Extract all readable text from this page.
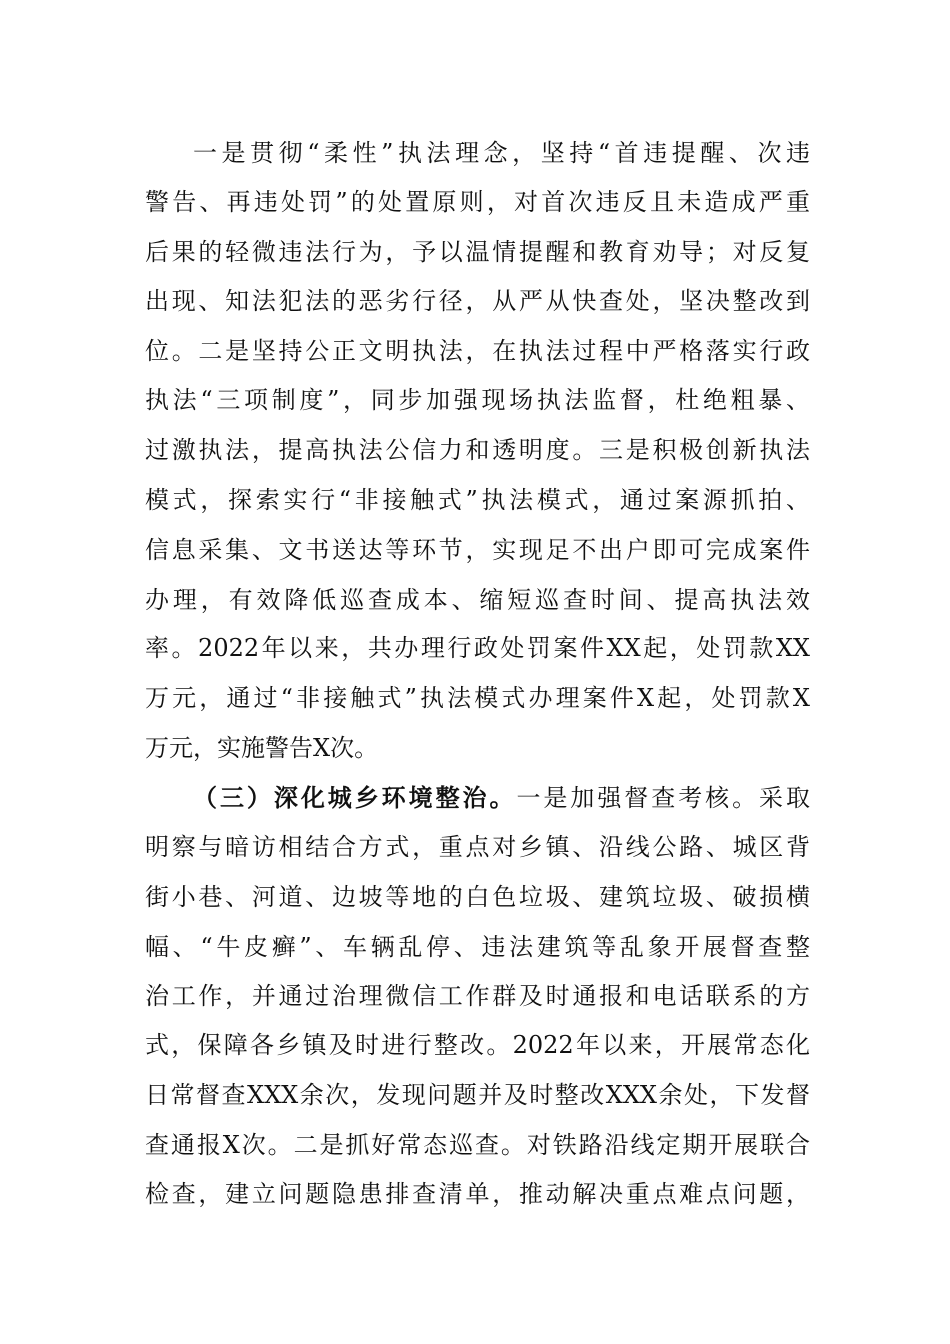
一是贯彻“柔性”执法理念，坚持“首违提醒、次违
警告、再违处罚”的处置原则，对首次违反且未造成严重
后果的轻微违法行为，予以温情提醒和教育劝导；对反复
出现、知法犯法的恶劣行径，从严从快查处，坚决整改到
位。二是坚持公正文明执法，在执法过程中严格落实行政
执法“三项制度”，同步加强现场执法监督，杜绝粗暴、
过激执法，提高执法公信力和透明度。三是积极创新执法
模式，探索实行“非接触式”执法模式，通过案源抓拍、
信息采集、文书送达等环节，实现足不出户即可完成案件
办理，有效降低巡查成本、缩短巡查时间、提高执法效
率。2022年以来，共办理行政处罚案件XX起，处罚款XX
万元，通过“非接触式”执法模式办理案件X起，处罚款X
万元，实施警告X次。
（三）深化城乡环境整治。一是加强督查考核。采取
明察与暗访相结合方式，重点对乡镇、沿线公路、城区背
街小巷、河道、边坡等地的白色垃圾、建筑垃圾、破损横
幅、“牛皮癣”、车辆乱停、违法建筑等乱象开展督查整
治工作，并通过治理微信工作群及时通报和电话联系的方
式，保障各乡镇及时进行整改。2022年以来，开展常态化
日常督查XXX余次，发现问题并及时整改XXX余处，下发督
查通报X次。二是抓好常态巡查。对铁路沿线定期开展联合
检查，建立问题隐患排查清单，推动解决重点难点问题，
